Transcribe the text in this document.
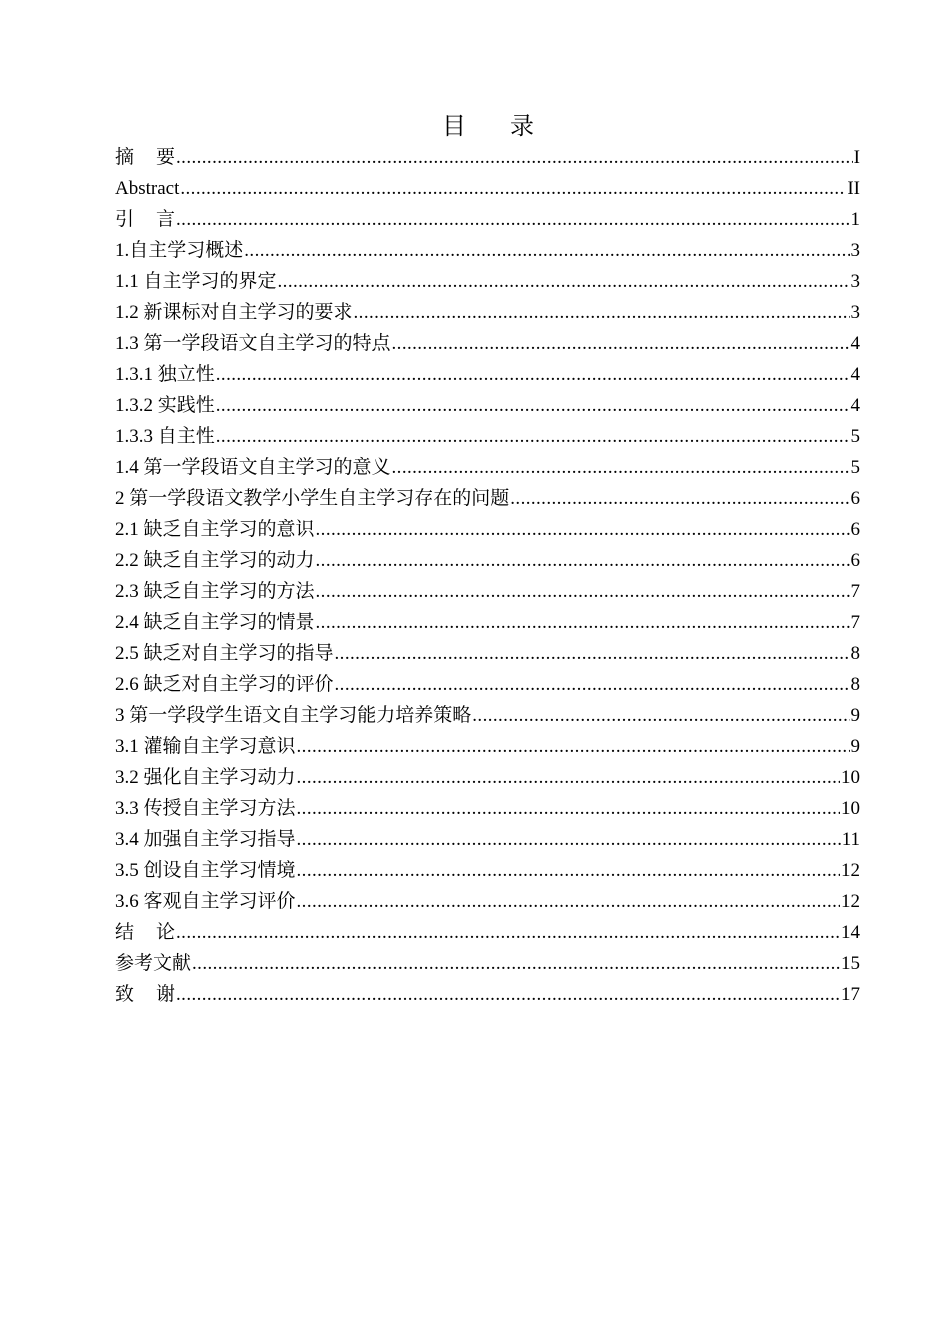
目 录
摘 要 .....	I
Abstract .....	II
引 言 .....	1
1.自主学习概述 .....	3
1.1 自主学习的界定 .....	3
1.2 新课标对自主学习的要求 .....	3
1.3 第一学段语文自主学习的特点 .....	4
1.3.1 独立性 .....	4
1.3.2 实践性 .....	4
1.3.3 自主性 .....	5
1.4 第一学段语文自主学习的意义 .....	5
2 第一学段语文教学小学生自主学习存在的问题 .....	6
2.1 缺乏自主学习的意识 .....	6
2.2 缺乏自主学习的动力 .....	6
2.3 缺乏自主学习的方法 .....	7
2.4 缺乏自主学习的情景 .....	7
2.5 缺乏对自主学习的指导 .....	8
2.6 缺乏对自主学习的评价 .....	8
3 第一学段学生语文自主学习能力培养策略 .....	9
3.1 灌输自主学习意识 .....	9
3.2 强化自主学习动力 .....	10
3.3 传授自主学习方法 .....	10
3.4 加强自主学习指导 .....	11
3.5 创设自主学习情境 .....	12
3.6 客观自主学习评价 .....	12
结 论 .....	14
参考文献 .....	15
致 谢 .....	17
